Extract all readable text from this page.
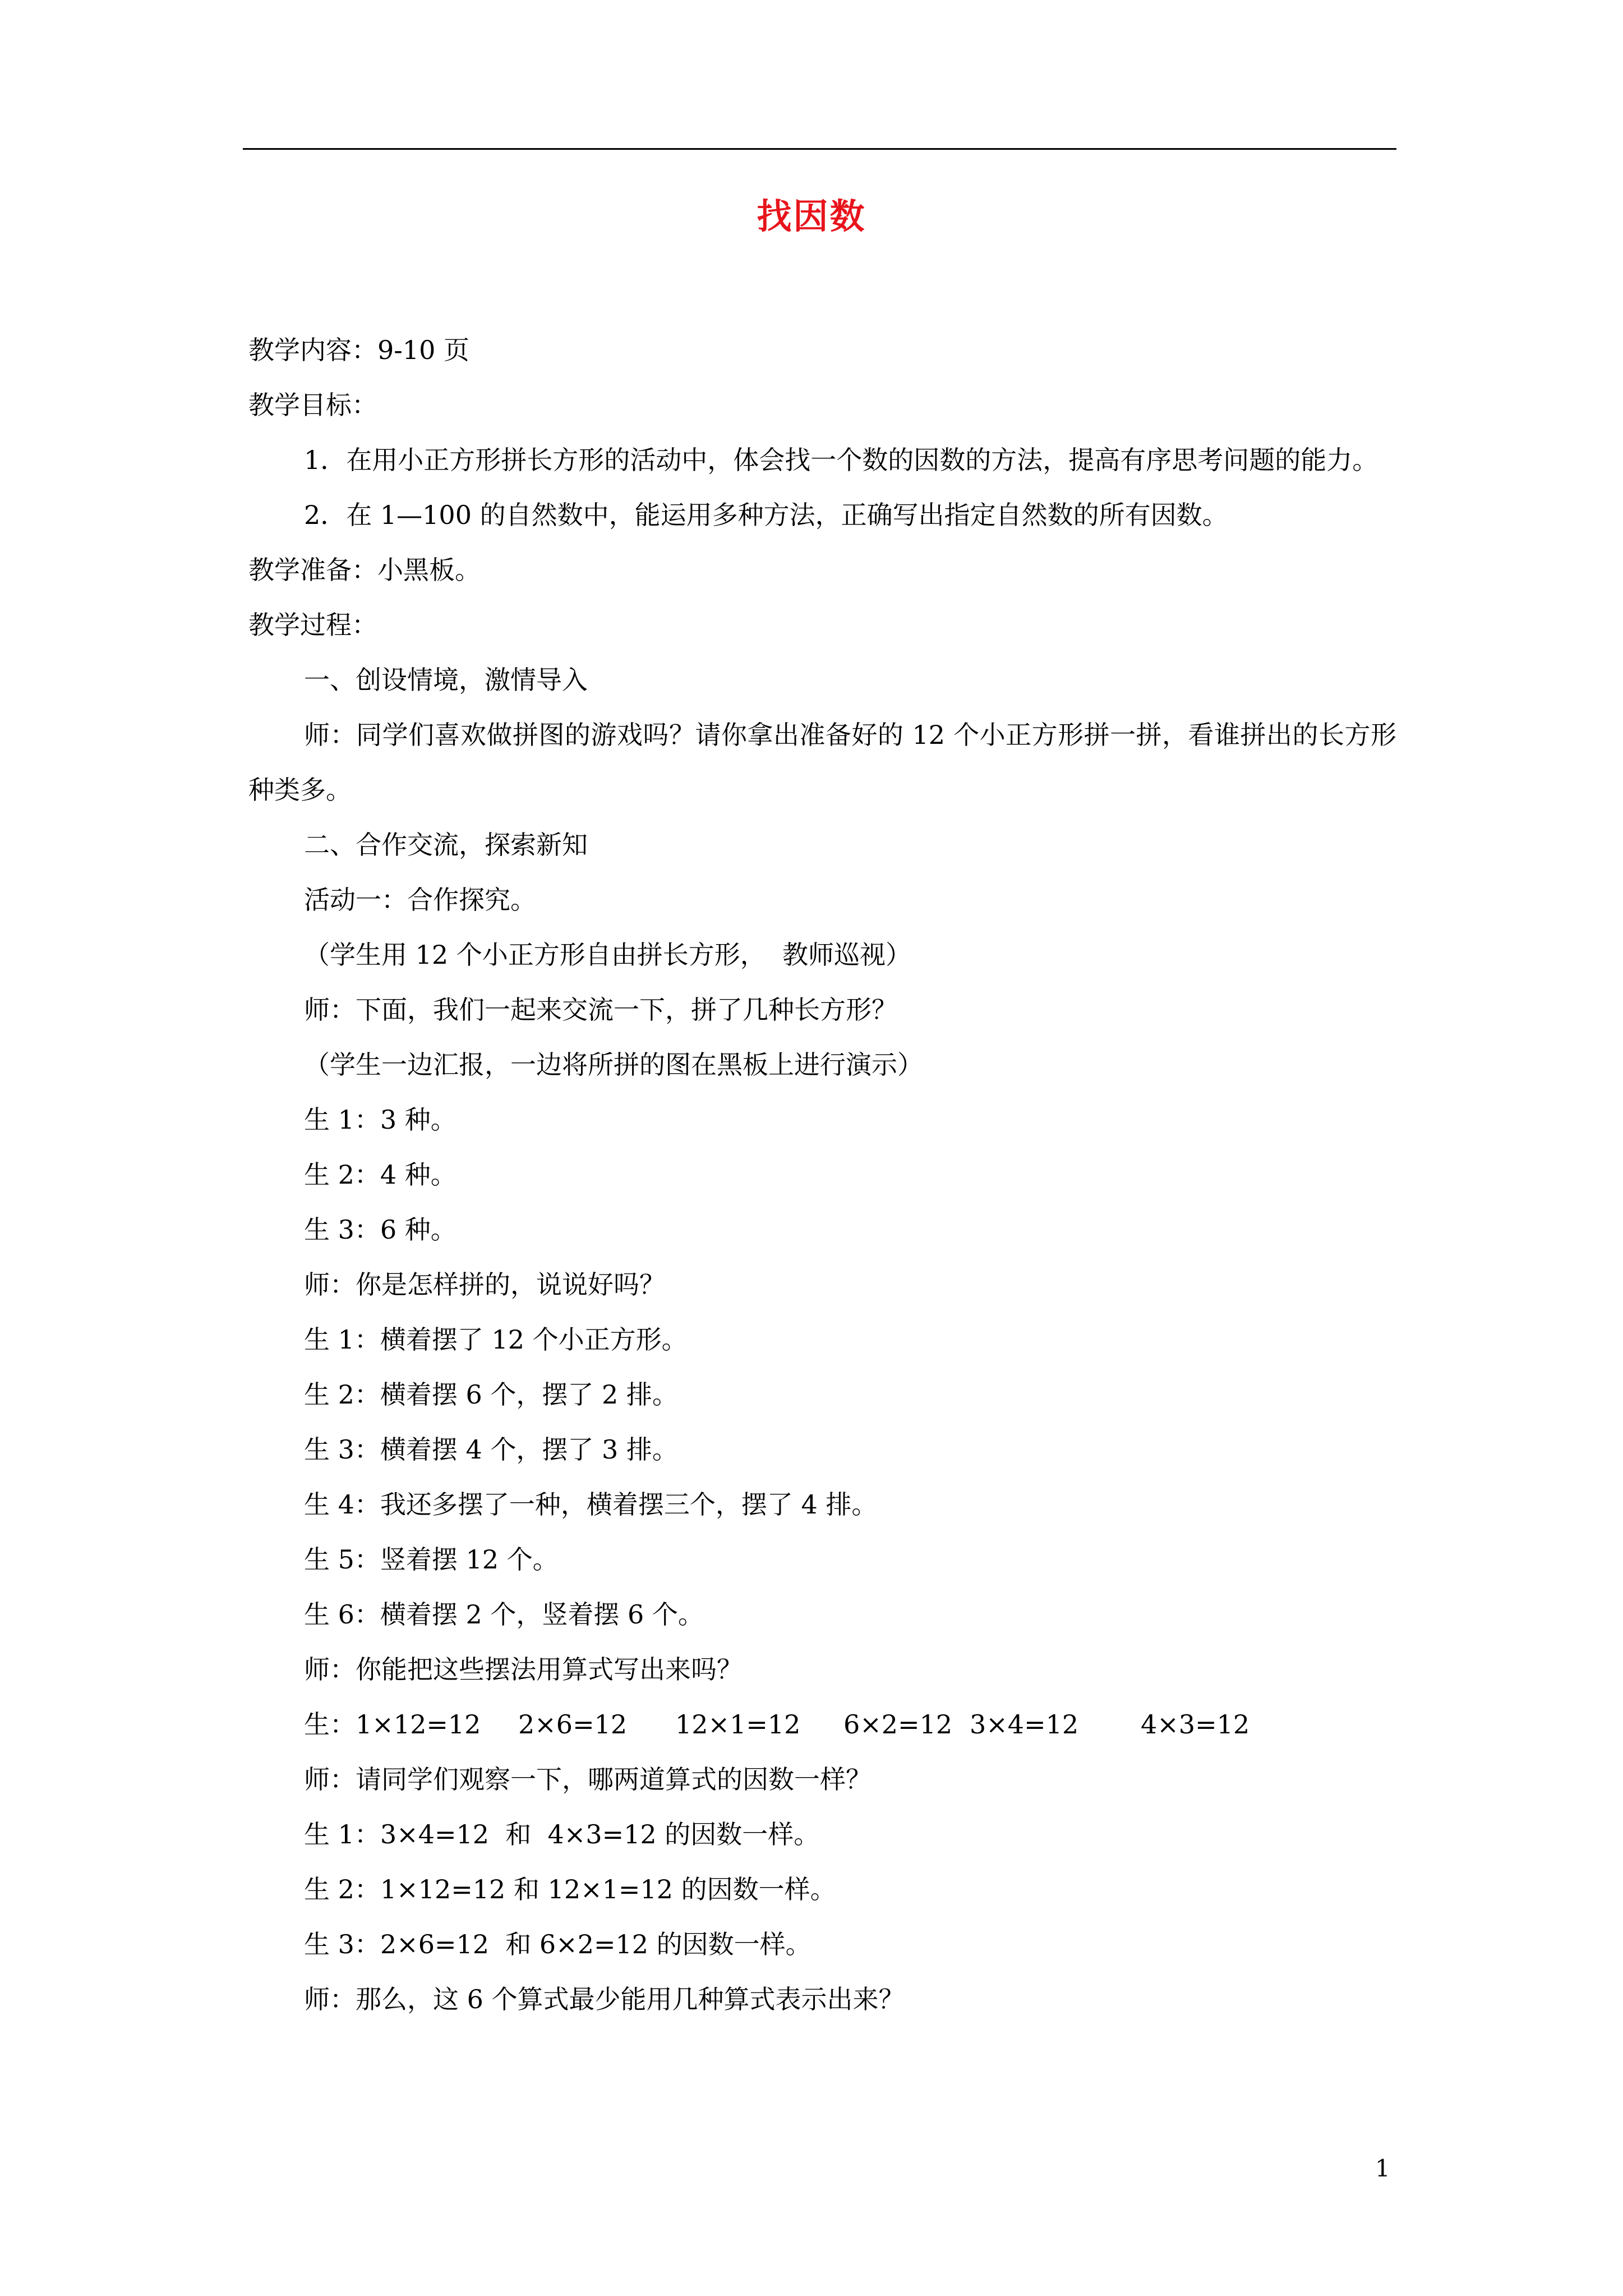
找因数
教学内容：9-10 页
教学目标：
1．在用小正方形拼长方形的活动中，体会找一个数的因数的方法，提高有序思考问题的能力。
2．在 1—100 的自然数中，能运用多种方法，正确写出指定自然数的所有因数。
教学准备：小黑板。
教学过程：
一、创设情境，激情导入
师：同学们喜欢做拼图的游戏吗？请你拿出准备好的 12 个小正方形拼一拼，看谁拼出的长方形种类多。
二、合作交流，探索新知
活动一：合作探究。
（学生用 12 个小正方形自由拼长方形，  教师巡视）
师：下面，我们一起来交流一下，拼了几种长方形？
（学生一边汇报，一边将所拼的图在黑板上进行演示）
生 1：3 种。
生 2：4 种。
生 3：6 种。
师：你是怎样拼的，说说好吗？
生 1：横着摆了 12 个小正方形。
生 2：横着摆 6 个，摆了 2 排。
生 3：横着摆 4 个，摆了 3 排。
生 4：我还多摆了一种，横着摆三个，摆了 4 排。
生 5：竖着摆 12 个。
生 6：横着摆 2 个，竖着摆 6 个。
师：你能把这些摆法用算式写出来吗？
生：1×12=12 2×6=12 12×1=12 6×2=12 3×4=12 4×3=12
师：请同学们观察一下，哪两道算式的因数一样？
生 1：3×4=12  和  4×3=12 的因数一样。
生 2：1×12=12 和 12×1=12 的因数一样。
生 3：2×6=12  和 6×2=12 的因数一样。
师：那么，这 6 个算式最少能用几种算式表示出来？
1
